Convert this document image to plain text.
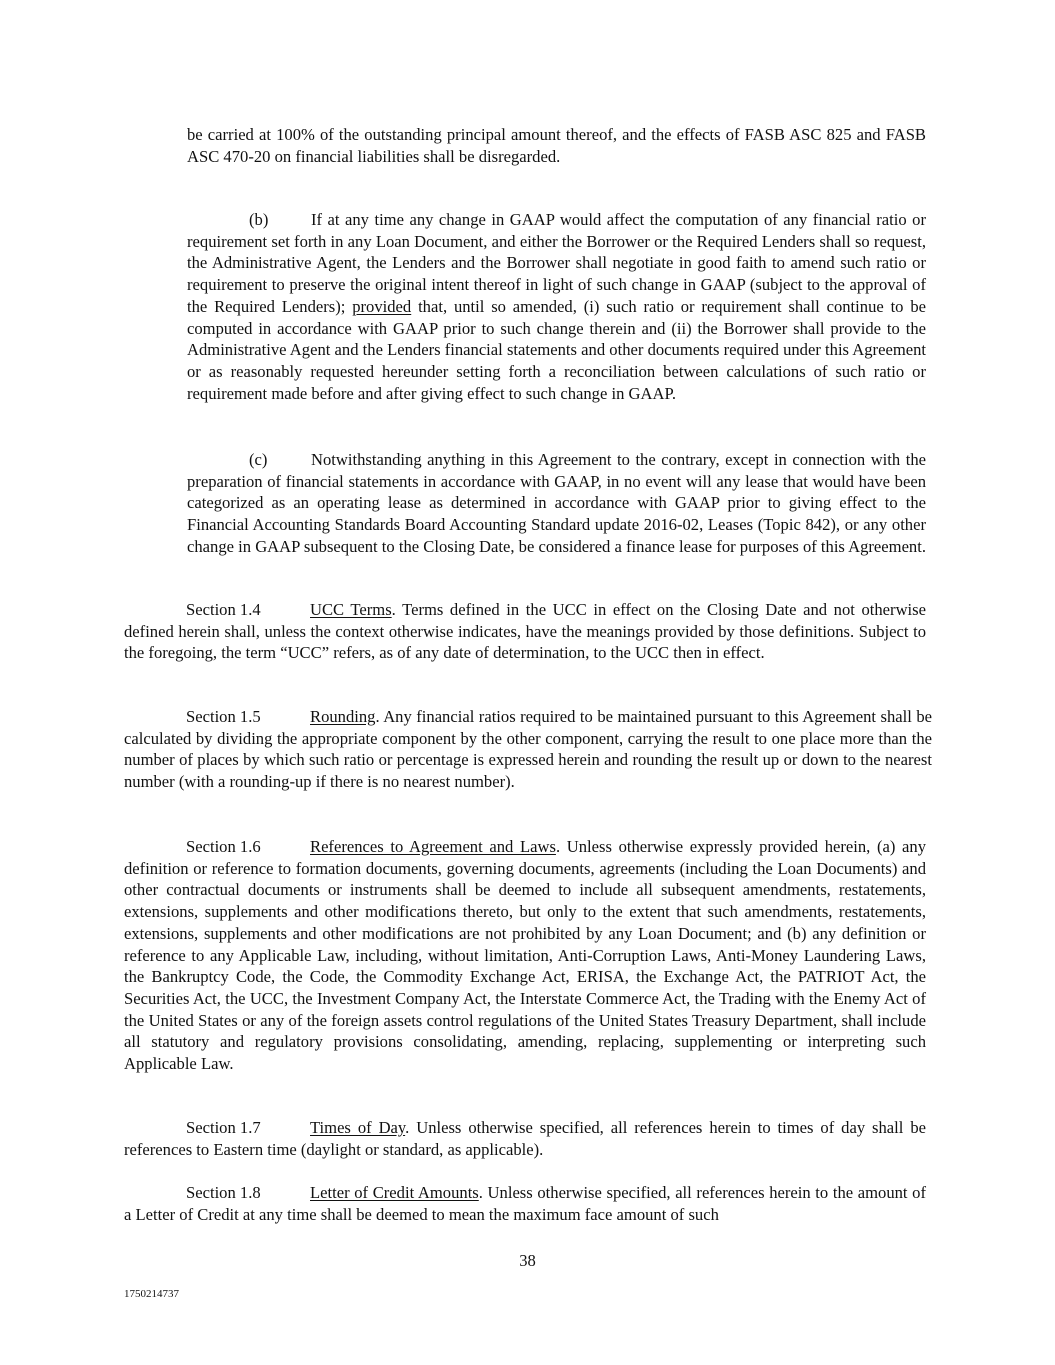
be carried at 100% of the outstanding principal amount thereof, and the effects of FASB ASC 825 and FASB ASC 470-20 on financial liabilities shall be disregarded.

(b)	If at any time any change in GAAP would affect the computation of any financial ratio or requirement set forth in any Loan Document, and either the Borrower or the Required Lenders shall so request, the Administrative Agent, the Lenders and the Borrower shall negotiate in good faith to amend such ratio or requirement to preserve the original intent thereof in light of such change in GAAP (subject to the approval of the Required Lenders); provided that, until so amended, (i) such ratio or requirement shall continue to be computed in accordance with GAAP prior to such change therein and (ii) the Borrower shall provide to the Administrative Agent and the Lenders financial statements and other documents required under this Agreement or as reasonably requested hereunder setting forth a reconciliation between calculations of such ratio or requirement made before and after giving effect to such change in GAAP.

(c)	Notwithstanding anything in this Agreement to the contrary, except in connection with the preparation of financial statements in accordance with GAAP, in no event will any lease that would have been categorized as an operating lease as determined in accordance with GAAP prior to giving effect to the Financial Accounting Standards Board Accounting Standard update 2016-02, Leases (Topic 842), or any other change in GAAP subsequent to the Closing Date, be considered a finance lease for purposes of this Agreement.

Section 1.4	UCC Terms. Terms defined in the UCC in effect on the Closing Date and not otherwise defined herein shall, unless the context otherwise indicates, have the meanings provided by those definitions. Subject to the foregoing, the term “UCC” refers, as of any date of determination, to the UCC then in effect.

Section 1.5	Rounding. Any financial ratios required to be maintained pursuant to this Agreement shall be calculated by dividing the appropriate component by the other component, carrying the result to one place more than the number of places by which such ratio or percentage is expressed herein and rounding the result up or down to the nearest number (with a rounding-up if there is no nearest number).

Section 1.6	References to Agreement and Laws. Unless otherwise expressly provided herein, (a) any definition or reference to formation documents, governing documents, agreements (including the Loan Documents) and other contractual documents or instruments shall be deemed to include all subsequent amendments, restatements, extensions, supplements and other modifications thereto, but only to the extent that such amendments, restatements, extensions, supplements and other modifications are not prohibited by any Loan Document; and (b) any definition or reference to any Applicable Law, including, without limitation, Anti-Corruption Laws, Anti-Money Laundering Laws, the Bankruptcy Code, the Code, the Commodity Exchange Act, ERISA, the Exchange Act, the PATRIOT Act, the Securities Act, the UCC, the Investment Company Act, the Interstate Commerce Act, the Trading with the Enemy Act of the United States or any of the foreign assets control regulations of the United States Treasury Department, shall include all statutory and regulatory provisions consolidating, amending, replacing, supplementing or interpreting such Applicable Law.

Section 1.7	Times of Day. Unless otherwise specified, all references herein to times of day shall be references to Eastern time (daylight or standard, as applicable).

Section 1.8	Letter of Credit Amounts. Unless otherwise specified, all references herein to the amount of a Letter of Credit at any time shall be deemed to mean the maximum face amount of such

38

1750214737
